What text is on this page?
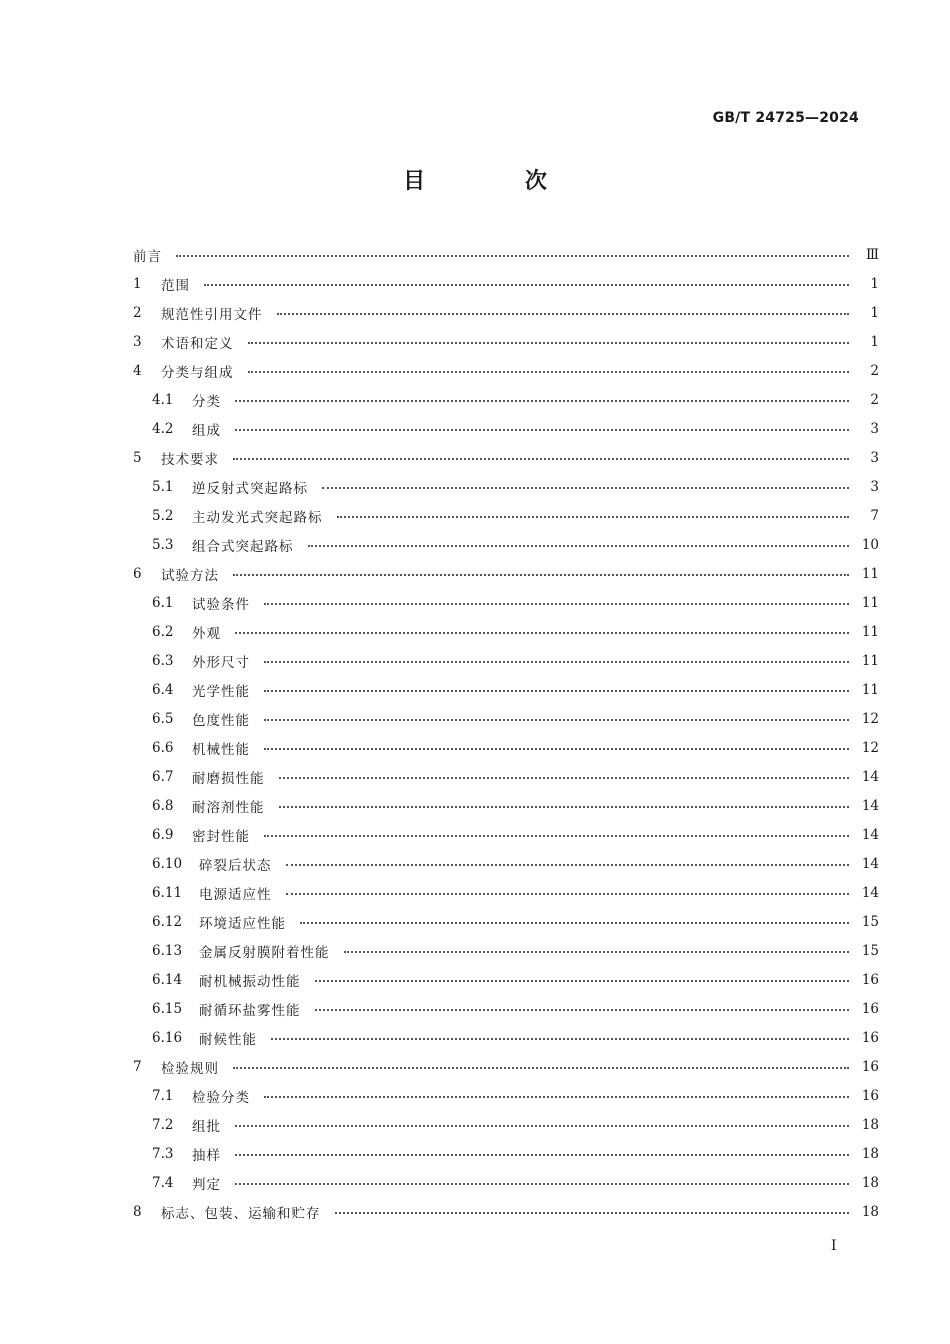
GB/T 24725—2024
目 次
前言	Ⅲ
1	范围	1
2	规范性引用文件	1
3	术语和定义	1
4	分类与组成	2
4.1	分类	2
4.2	组成	3
5	技术要求	3
5.1	逆反射式突起路标	3
5.2	主动发光式突起路标	7
5.3	组合式突起路标	10
6	试验方法	11
6.1	试验条件	11
6.2	外观	11
6.3	外形尺寸	11
6.4	光学性能	11
6.5	色度性能	12
6.6	机械性能	12
6.7	耐磨损性能	14
6.8	耐溶剂性能	14
6.9	密封性能	14
6.10	碎裂后状态	14
6.11	电源适应性	14
6.12	环境适应性能	15
6.13	金属反射膜附着性能	15
6.14	耐机械振动性能	16
6.15	耐循环盐雾性能	16
6.16	耐候性能	16
7	检验规则	16
7.1	检验分类	16
7.2	组批	18
7.3	抽样	18
7.4	判定	18
8	标志、包装、运输和贮存	18
Ⅰ
